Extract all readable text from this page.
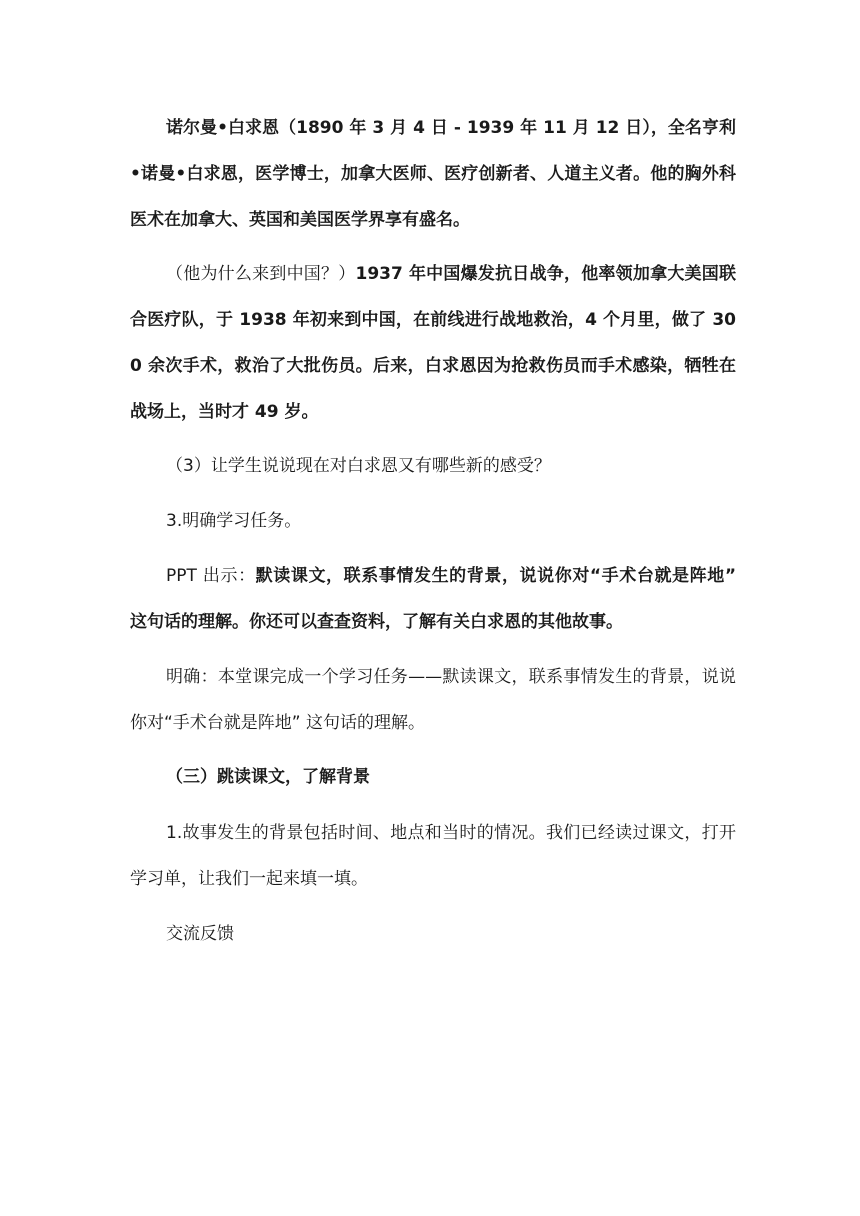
诺尔曼•白求恩（1890 年 3 月 4 日 - 1939 年 11 月 12 日），全名亨利•诺曼•白求恩，医学博士，加拿大医师、医疗创新者、人道主义者。他的胸外科医术在加拿大、英国和美国医学界享有盛名。

（他为什么来到中国？）1937 年中国爆发抗日战争，他率领加拿大美国联合医疗队，于 1938 年初来到中国，在前线进行战地救治，4 个月里，做了 300 余次手术，救治了大批伤员。后来，白求恩因为抢救伤员而手术感染，牺牲在战场上，当时才 49 岁。

（3）让学生说说现在对白求恩又有哪些新的感受？

3.明确学习任务。

PPT 出示：默读课文，联系事情发生的背景，说说你对“手术台就是阵地” 这句话的理解。你还可以查查资料，了解有关白求恩的其他故事。

明确：本堂课完成一个学习任务——默读课文，联系事情发生的背景，说说你对“手术台就是阵地” 这句话的理解。

（三）跳读课文，了解背景

1.故事发生的背景包括时间、地点和当时的情况。我们已经读过课文，打开学习单，让我们一起来填一填。

交流反馈
